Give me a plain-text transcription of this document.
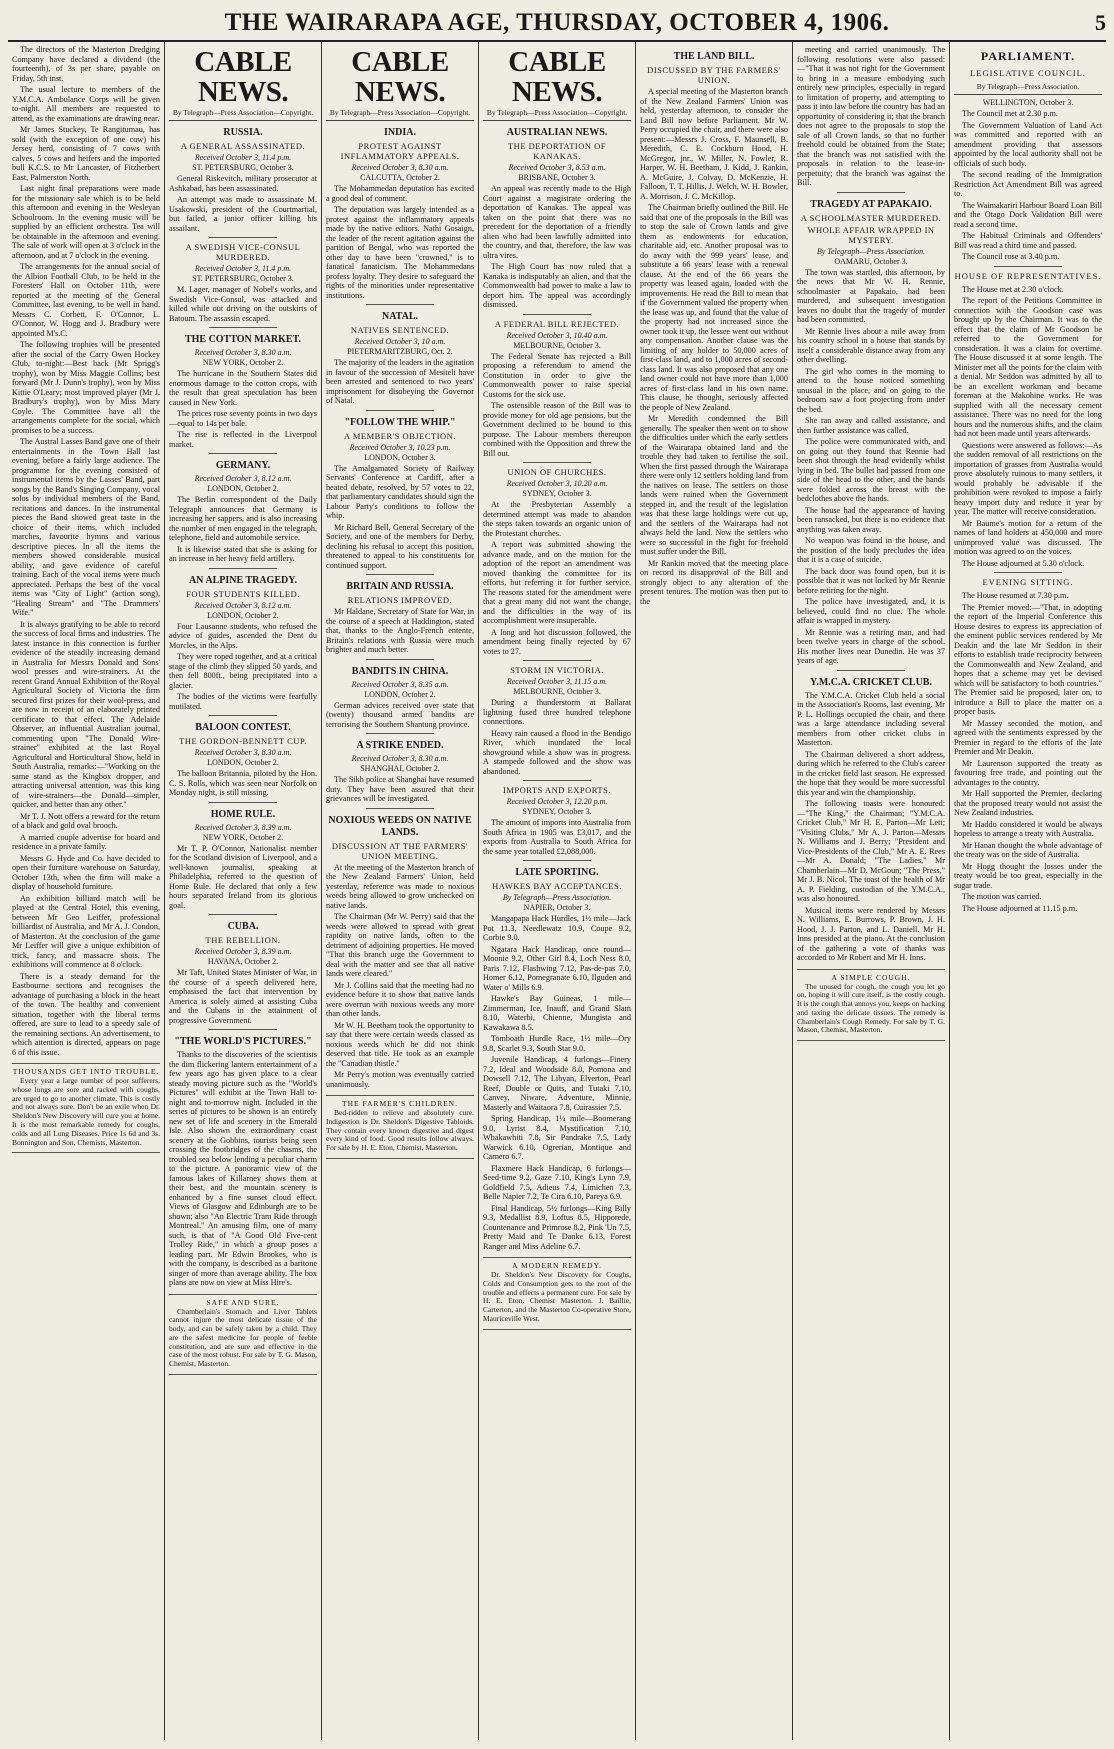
THE WAIRARAPA AGE, THURSDAY, OCTOBER 4, 1906.	5

The directors of the Masterton Dredging Company have declared a dividend (the fourteenth), of 3s per share, payable on Friday, 5th inst.

The usual lecture to members of the Y.M.C.A. Ambulance Corps will be given to-night. All members are requested to attend, as the examinations are drawing near.

Mr James Stuckey, Te Rangitumau, has sold (with the exception of one cow) his Jersey herd, consisting of 7 cows with calves, 5 cows and heifers and the imported bull K.C.S. to Mr Lancaster, of Fitzherbert East, Palmerston North.

Last night final preparations were made for the missionary sale which is to be held this afternoon and evening in the Wesleyan Schoolroom. In the evening music will be supplied by an efficient orchestra. Tea will be obtainable in the afternoon and evening. The sale of work will open at 3 o'clock in the afternoon, and at 7 o'clock in the evening.

The arrangements for the annual social of the Albion Football Club, to be held in the Foresters' Hall on October 11th, were reported at the meeting of the General Committee, last evening, to be well in hand. Messrs C. Corbett, F. O'Connor, L. O'Connor, W. Hogg and J. Bradbury were appointed M's.C.

The following trophies will be presented after the social of the Carry Owen Hockey Club, to-night:—Best back (Mr Sprigg's trophy), won by Miss Maggie Collins; best forward (Mr J. Dunn's trophy), won by Miss Kittie O'Leary; most improved player (Mr J. Bradbury's trophy), won by Miss Mary Coyle. The Committee have all the arrangements complete for the social, which promises to be a success.

The Austral Lasses Band gave one of their entertainments in the Town Hall last evening, before a fairly large audience. The programme for the evening consisted of instrumental items by the Lasses' Band, part songs by the Band's Singing Company, vocal solos by individual members of the Band, recitations and dances. In the instrumental pieces the Band showed great taste in the choice of their items, which included marches, favourite hymns and various descriptive pieces. In all the items the members showed considerable musical ability, and gave evidence of careful training. Each of the vocal items were much appreciated. Perhaps the best of the vocal items was "City of Light" (action song), "Healing Stream" and "The Drummers' Wife."

It is always gratifying to be able to record the success of local firms and industries. The latest instance in this connection is further evidence of the steadily increasing demand in Australia for Messrs Donald and Sons' wool presses and wire-strainers. At the recent Grand Annual Exhibition of the Royal Agricultural Society of Victoria the firm secured first prizes for their wool-press, and are now in receipt of an elaborately printed certificate to that effect. The Adelaide Observer, an influential Australian journal, commenting upon "The Donald Wire-strainer" exhibited at the last Royal Agricultural and Horticultural Show, held in South Australia, remarks:—"Working on the same stand as the Kingbox dropper, and attracting universal attention, was this king of wire-strainers—the Donald—simpler, quicker, and better than any other."

Mr T. J. Nott offers a reward for the return of a black and gold oval brooch.

A married couple advertise for board and residence in a private family.

Messrs G. Hyde and Co. have decided to open their furniture warehouse on Saturday, October 13th, when the firm will make a display of household furniture.

An exhibition billiard match will be played at the Central Hotel, this evening, between Mr Geo Leiffer, professional billiardist of Australia, and Mr A. J. Condon, of Masterton. At the conclusion of the game Mr Leiffer will give a unique exhibition of trick, fancy, and massacre shots. The exhibitions will commence at 8 o'clock.

There is a steady demand for the Eastbourne sections and recognises the advantage of purchasing a block in the heart of the town. The healthy and convenient situation, together with the liberal terms offered, are sure to lead to a speedy sale of the remaining sections. An advertisement, to which attention is directed, appears on page 6 of this issue.

THOUSANDS GET INTO TROUBLE.

Every year a large number of poor sufferers, whose lungs are sore and racked with coughs, are urged to go to another climate. This is costly and not always sure. Don't be an exile when Dr. Sheldon's New Discovery will cure you at home. It is the most remarkable remedy for coughs, colds and all Lung Diseases. Price 1s 6d and 3s. Bonnington and Son, Chemists, Masterton.

CABLE NEWS.
By Telegraph—Press Association—Copyright.
RUSSIA.
A GENERAL ASSASSINATED.
Received October 3, 11.4 p.m.
ST. PETERSBURG, October 3.

General Riskevitch, military prosecutor at Ashkabad, has been assassinated.

An attempt was made to assassinate M. Usakowski, president of the Courtmartial, but failed, a junior officer killing his assailant.

A SWEDISH VICE-CONSUL MURDERED.
Received October 3, 11.4 p.m.
ST. PETERSBURG, October 3.

M. Lager, manager of Nobel's works, and Swedish Vice-Consul, was attacked and killed while out driving on the outskirts of Batoum. The assassin escaped.

THE COTTON MARKET.
Received October 3, 8.30 a.m.
NEW YORK, October 2.

The hurricane in the Southern States did enormous damage to the cotton crops, with the result that great speculation has been caused in New York.

The prices rose seventy points in two days—equal to 14s per bale.

The rise is reflected in the Liverpool market.

GERMANY.
Received October 3, 8.12 a.m.
LONDON, October 2.

The Berlin correspondent of the Daily Telegraph announces that Germany is increasing her sappers, and is also increasing the number of men engaged in the telegraph, telephone, field and automobile service.

It is likewise stated that she is asking for an increase in her heavy field artillery.

AN ALPINE TRAGEDY.
FOUR STUDENTS KILLED.
Received October 3, 8.12 a.m.
LONDON, October 2.

Four Lausanne students, who refused the advice of guides, ascended the Dent du Morcles, in the Alps.

They were roped together, and at a critical stage of the climb they slipped 50 yards, and then fell 800ft., being precipitated into a glacier.

The bodies of the victims were fearfully mutilated.

BALOON CONTEST.
THE GORDON-BENNETT CUP.
Received October 3, 8.30 a.m.
LONDON, October 2.

The balloon Britannia, piloted by the Hon. C. S. Rolls, which was seen near Norfolk on Monday night, is still missing.

HOME RULE.
Received October 3, 8.39 a.m.
NEW YORK, October 2.

Mr T. P. O'Connor, Nationalist member for the Scotland division of Liverpool, and a well-known journalist, speaking at Philadelphia, referred to the question of Home Rule. He declared that only a few hours separated Ireland from its glorious goal.

CUBA.
THE REBELLION.
Received October 3, 8.39 a.m.
HAVANA, October 2.

Mr Taft, United States Minister of War, in the course of a speech delivered here, emphasised the fact that intervention by America is solely aimed at assisting Cuba and the Cubans in the attainment of progressive Government.

"THE WORLD'S PICTURES."

Thanks to the discoveries of the scientists the dim flickering lantern entertainment of a few years ago has given place to a clear steady moving picture such as the "World's Pictures" will exhibit at the Town Hall to-night and to-morrow night. Included in the series of pictures to be shown is an entirely new set of life and scenery in the Emerald Isle. Also shown the extraordinary coast scenery at the Gobbins, tourists being seen crossing the footbridges of the chasms, the troubled sea below lending a peculiar charm to the picture. A panoramic view of the famous lakes of Killarney shows them at their best, and the mountain scenery is enhanced by a fine sunset cloud effect. Views of Glasgow and Edinburgh are to be shown; also "An Electric Tram Ride through Montreal." An amusing film, one of many such, is that of "A Good Old Five-cent Trolley Ride," in which a group poses a leading part. Mr Edwin Brookes, who is with the company, is described as a baritone singer of more than average ability. The box plans are now on view at Miss Hire's.

SAFE AND SURE.

Chamberlain's Stomach and Liver Tablets cannot injure the most delicate tissue of the body, and can be safely taken by a child. They are the safest medicine for people of feeble constitution, and are sure and effective in the case of the most robust. For sale by T. G. Mason, Chemist, Masterton.

CABLE NEWS.
By Telegraph—Press Association—Copyright.
INDIA.
PROTEST AGAINST INFLAMMATORY APPEALS.
Received October 3, 8.30 a.m.
CALCUTTA, October 2.

The Mohammedan deputation has excited a good deal of comment.

The deputation was largely intended as a protest against the inflammatory appeals made by the native editors. Nathi Gosaign, the leader of the recent agitation against the partition of Bengal, who was reported the other day to have been "crowned," is to fanatical fanaticism. The Mohammedans profess loyalty. They desire to safeguard the rights of the minorities under representative institutions.

NATAL.
NATIVES SENTENCED.
Received October 3, 10 a.m.
PIETERMARITZBURG, Oct. 2.

The majority of the leaders in the agitation in favour of the succession of Mesiteli have been arrested and sentenced to two years' imprisonment for disobeying the Governor of Natal.

"FOLLOW THE WHIP."
A MEMBER'S OBJECTION.
Received October 3, 10.23 p.m.
LONDON, October 3.

The Amalgamated Society of Railway Servants' Conference at Cardiff, after a heated debate, resolved, by 57 votes to 22, that parliamentary candidates should sign the Labour Party's conditions to follow the whip.

Mr Richard Bell, General Secretary of the Society, and one of the members for Derby, declining his refusal to accept this position, threatened to appeal to his constituents for continued support.

BRITAIN AND RUSSIA.
RELATIONS IMPROVED.

Mr Haldane, Secretary of State for War, in the course of a speech at Haddington, stated that, thanks to the Anglo-French entente, Britain's relations with Russia were much brighter and much better.

BANDITS IN CHINA.
Received October 3, 8.35 a.m.
LONDON, October 2.

German advices received over state that (twenty) thousand armed bandits are terrorising the Southern Shantung province.

A STRIKE ENDED.
Received October 3, 8.30 a.m.
SHANGHAI, October 2.

The Sikh police at Shanghai have resumed duty. They have been assured that their grievances will be investigated.

NOXIOUS WEEDS ON NATIVE LANDS.
DISCUSSION AT THE FARMERS' UNION MEETING.

At the meeting of the Masterton branch of the New Zealand Farmers' Union, held yesterday, reference was made to noxious weeds being allowed to grow unchecked on native lands.

The Chairman (Mr W. Perry) said that the weeds were allowed to spread with great rapidity on native lands, often to the detriment of adjoining properties. He moved "That this branch urge the Government to deal with the matter and see that all native lands were cleared."

Mr J. Collins said that the meeting had no evidence before it to show that native lands were overrun with noxious weeds any more than other lands.

Mr W. H. Beetham took the opportunity to say that there were certain weeds classed as noxious weeds which he did not think deserved that title. He took as an example the "Canadian thistle."

Mr Perry's motion was eventually carried unanimously.

THE FARMER'S CHILDREN.

Bed-ridden to relieve and absolutely cure. Indigestion is Dr. Sheldon's Digestive Tabloids. They contain every known digestive and digest every kind of food. Good results follow always. For sale by H. E. Eton, Chemist, Masterton.

CABLE NEWS.
By Telegraph—Press Association—Copyright.
AUSTRALIAN NEWS.
THE DEPORTATION OF KANAKAS.
Received October 3, 8.53 a.m.
BRISBANE, October 3.

An appeal was recently made to the High Court against a magistrate ordering the deportation of Kanakas. The appeal was taken on the point that there was no precedent for the deportation of a friendly alien who had been lawfully admitted into the country, and that, therefore, the law was ultra vires.

The High Court has now ruled that a Kanaka is indisputably an alien, and that the Commonwealth had power to make a law to deport him. The appeal was accordingly dismissed.

A FEDERAL BILL REJECTED.
Received October 3, 10.40 a.m.
MELBOURNE, October 3.

The Federal Senate has rejected a Bill proposing a referendum to amend the Constitution in order to give the Commonwealth power to raise special Customs for the sick use.

The ostensible reason of the Bill was to provide money for old age pensions, but the Government declined to be bound to this purpose. The Labour members thereupon combined with the Opposition and threw the Bill out.

UNION OF CHURCHES.
Received October 3, 10.20 a.m.
SYDNEY, October 3.

At the Presbyterian Assembly a determined attempt was made to abandon the steps taken towards an organic union of the Protestant churches.

A report was submitted showing the advance made, and on the motion for the adoption of the report an amendment was moved thanking the committee for its efforts, but referring it for further service. The reasons stated for the amendment were that a great many did not want the change, and the difficulties in the way of its accomplishment were insuperable.

A long and hot discussion followed, the amendment being finally rejected by 67 votes to 27.

STORM IN VICTORIA.
Received October 3, 11.15 a.m.
MELBOURNE, October 3.

During a thunderstorm at Ballarat lightning fused three hundred telephone connections.

Heavy rain caused a flood in the Bendigo River, which inundated the local showground while a show was in progress. A stampede followed and the show was abandoned.

IMPORTS AND EXPORTS.
Received October 3, 12.20 p.m.
SYDNEY, October 3.

The amount of imports into Australia from South Africa in 1905 was £3,017, and the exports from Australia to South Africa for the same year totalled £2,088,000.

LATE SPORTING.
HAWKES BAY ACCEPTANCES.
By Telegraph—Press Association.
NAPIER, October 3.

Mangapapa Hack Hurdles, 1½ mile—Jack Pot 11.3, Needlewatz 10.9, Coupe 9.2, Corbie 9.0.

Ngatara Hack Handicap, once round—Moonie 9.2, Other Girl 8.4, Loch Ness 8.0, Paris 7.12, Flashwing 7.12, Pas-de-pas 7.0, Homer 6.12, Pomegranate 6.10, Ilguden and Water o' Mills 6.9.

Hawke's Bay Guineas, 1 mile—Zimmerman, Ice, Inauff, and Grand Slam 8.10, Waterbi, Chienne, Mungista and Kawakawa 8.5.

Tomboath Hurdle Race, 1½ mile—Ory 9.8, Scarlet 9.3, South Star 9.0.

Juvenile Handicap, 4 furlongs—Finery 7.2, Ideal and Woodside 8.0, Pomona and Dowsell 7.12, The Libyan, Elverton, Pearl Reef, Double or Quits, and Tutaki 7.10, Canvey, Niware, Adventure, Minnie, Masterly and Waitaora 7.8, Cuirassier 7.5.

Spring Handicap, 1¼ mile—Boomerang 9.0, Lyrist 8.4, Mystification 7.10, Whakawhiti 7.8, Sir Pandrake 7.5, Lady Warwick 6.10, Ogrerian, Montique and Carnero 6.7.

Flaxmere Hack Handicap, 6 furlongs—Seed-time 9.2, Gaze 7.10, King's Lynn 7.9, Goldfield 7.5, Adieus 7.4, Limichen 7.3, Belle Napier 7.2, Te Cira 6.10, Pareya 6.9.

Final Handicap, 5½ furlongs—King Billy 9.3, Medallist 8.9, Loftus 8.5, Hipporede, Countenance and Primrose 8.2, Pink 'Un 7.5, Pretty Maid and Te Danke 6.13, Forest Ranger and Miss Adeline 6.7.

A MODERN REMEDY.

Dr. Sheldon's New Discovery for Coughs, Colds and Consumption gets to the root of the trouble and effects a permanent cure. For sale by H. E. Eton, Chemist Masterton. J. Baillie, Carterton, and the Masterton Co-operative Store, Mauriceville West.

THE LAND BILL.
DISCUSSED BY THE FARMERS' UNION.

A special meeting of the Masterton branch of the New Zealand Farmers' Union was held, yesterday afternoon, to consider the Land Bill now before Parliament. Mr W. Perry occupied the chair, and there were also present:—Messrs J. Cross, F. Maunsell, B. Meredith, C. E. Cockburn Hood, H. McGregor, jnr., W. Miller, N. Fowler, R. Harper, W. H. Beetham, J. Kidd, J. Rankin, A. McGuire, J. Colvay, D. McKenzie, H. Falloon, T. T. Hillis, J. Welch, W. H. Bowler, A. Morrison, J. C. McKillop.

The Chairman briefly outlined the Bill. He said that one of the proposals in the Bill was to stop the sale of Crown lands and give them as endowments for education, charitable aid, etc. Another proposal was to do away with the 999 years' lease, and substitute a 66 years' lease with a renewal clause. At the end of the 66 years the property was leased again, loaded with the improvements. He read the Bill to mean that if the Government valued the property when the lease was up, and found that the value of the property had not increased since the owner took it up, the lessee went out without any compensation. Another clause was the limiting of any holder to 50,000 acres of first-class land, and to 1,000 acres of second-class land. It was also proposed that any one land owner could not have more than 1,000 acres of first-class land in his own name. This clause, he thought, seriously affected the people of New Zealand.

Mr Meredith condemned the Bill generally. The speaker then went on to show the difficulties under which the early settlers of the Wairarapa obtained land and the trouble they had taken to fertilise the soil. When the first passed through the Wairarapa there were only 12 settlers holding land from the natives on lease. The settlers on those lands were ruined when the Government stepped in, and the result of the legislation was that these large holdings were cut up, and the settlers of the Wairarapa had not always held the land. Now the settlers who were so successful in the fight for freehold must suffer under the Bill.

Mr Rankin moved that the meeting place on record its disapproval of the Bill and strongly object to any alteration of the present tenures. The motion was then put to the

meeting and carried unanimously. The following resolutions were also passed:—"That it was not right for the Government to bring in a measure embodying such entirely new principles, especially in regard to limitation of property, and attempting to pass it into law before the country has had an opportunity of considering it; that the branch does not agree to the proposals to stop the sale of all Crown lands, so that no further freehold could be obtained from the State; that the branch was not satisfied with the proposals in relation to the lease-in-perpetuity; that the branch was against the Bill.

TRAGEDY AT PAPAKAIO.
A SCHOOLMASTER MURDERED.
WHOLE AFFAIR WRAPPED IN MYSTERY.
By Telegraph—Press Association.
OAMARU, October 3.

The town was startled, this afternoon, by the news that Mr W. H. Rennie, schoolmaster at Papakaio, had been murdered, and subsequent investigation leaves no doubt that the tragedy of murder had been committed.

Mr Rennie lives about a mile away from his country school in a house that stands by itself a considerable distance away from any other dwelling.

The girl who comes in the morning to attend to the house noticed something unusual in the place, and on going to the bedroom saw a foot projecting from under the bed.

She ran away and called assistance, and then further assistance was called.

The police were communicated with, and on going out they found that Rennie had been shot through the head evidently whilst lying in bed. The bullet had passed from one side of the head to the other, and the hands were folded across the breast with the bedclothes above the hands.

The house had the appearance of having been ransacked, but there is no evidence that anything was taken away.

No weapon was found in the house, and the position of the body precludes the idea that it is a case of suicide.

The back door was found open, but it is possible that it was not locked by Mr Rennie before retiring for the night.

The police have investigated, and, it is believed, could find no clue. The whole affair is wrapped in mystery.

Mr Rennie was a retiring man, and had been twelve years in charge of the school. His mother lives near Dunedin. He was 37 years of age.

Y.M.C.A. CRICKET CLUB.

The Y.M.C.A. Cricket Club held a social in the Association's Rooms, last evening. Mr P. L. Hollings occupied the chair, and there was a large attendance including several members from other cricket clubs in Masterton.

The Chairman delivered a short address, during which he referred to the Club's career in the cricket field last season. He expressed the hope that they would be more successful this year and win the championship.

The following toasts were honoured:—"The King," the Chairman; "Y.M.C.A. Cricket Club," Mr H. E. Parton—Mr Lett; "Visiting Clubs," Mr A. J. Parton—Messrs N. Williams and J. Berry; "President and Vice-Presidents of the Club," Mr A. E. Rees—Mr A. Donald; "The Ladies," Mr Chamberlain—Mr D. McGoun; "The Press," Mr J. B. Nicol. The toast of the health of Mr A. P. Fielding, custodian of the Y.M.C.A., was also honoured.

Musical items were rendered by Messrs N. Williams, E. Burrows, P. Brown, J. H. Hood, J. J. Parton, and L. Daniell. Mr H. Inns presided at the piano. At the conclusion of the gathering a vote of thanks was accorded to Mr Robert and Mr H. Inns.

A SIMPLE COUGH.

The unused for cough, the cough you let go on, hoping it will cure itself, is the costly cough. It is the cough that annoys you, keeps on hacking and taxing the delicate tissues. The remedy is Chamberlain's Cough Remedy. For sale by T. G. Mason, Chemist, Masterton.

PARLIAMENT.
LEGISLATIVE COUNCIL.
By Telegraph—Press Association.
WELLINGTON, October 3.

The Council met at 2.30 p.m.

The Government Valuation of Land Act was committed and reported with an amendment providing that assessors appointed by the local authority shall not be officials of such body.

The second reading of the Immigration Restriction Act Amendment Bill was agreed to.

The Waimakariri Harbour Board Loan Bill and the Otago Dock Validation Bill were read a second time.

The Habitual Criminals and Offenders' Bill was read a third time and passed.

The Council rose at 3.40 p.m.

HOUSE OF REPRESENTATIVES.

The House met at 2.30 o'clock.

The report of the Petitions Committee in connection with the Goodson case was brought up by the Chairman. It was to the effect that the claim of Mr Goodson be referred to the Government for consideration. It was a claim for overtime. The House discussed it at some length. The Minister met all the points for the claim with a denial. Mr Seddon was admitted by all to be an excellent workman and became foreman at the Makohine works. He was supplied with all the necessary cement assistance. There was no need for the long hours and the numerous shifts, and the claim had not been made until years afterwards.

Questions were answered as follows:—As the sudden removal of all restrictions on the importation of grasses from Australia would prove absolutely ruinous to many settlers, it would probably be advisable if the prohibition were revoked to impose a fairly heavy import duty and reduce it year by year. The matter will receive consideration.

Mr Baume's motion for a return of the names of land holders at 450,000 and more unimproved value was discussed. The motion was agreed to on the voices.

The House adjourned at 5.30 o'clock.

EVENING SITTING.

The House resumed at 7.30 p.m.

The Premier moved:—"That, in adopting the report of the Imperial Conference this House desires to express its appreciation of the eminent public services rendered by Mr Deakin and the late Mr Seddon in their efforts to establish trade reciprocity between the Commonwealth and New Zealand, and hopes that a scheme may yet be devised which will be satisfactory to both countries." The Premier said he proposed, later on, to introduce a Bill to place the matter on a proper basis.

Mr Massey seconded the motion, and agreed with the sentiments expressed by the Premier in regard to the efforts of the late Premier and Mr Deakin.

Mr Laurenson supported the treaty as favouring free trade, and pointing out the advantages to the country.

Mr Hall supported the Premier, declaring that the proposed treaty would not assist the New Zealand industries.

Mr Haddo considered it would be always hopeless to arrange a treaty with Australia.

Mr Hanan thought the whole advantage of the treaty was on the side of Australia.

Mr Hogg thought the losses under the treaty would be too great, especially in the sugar trade.

The motion was carried.

The House adjourned at 11.15 p.m.
